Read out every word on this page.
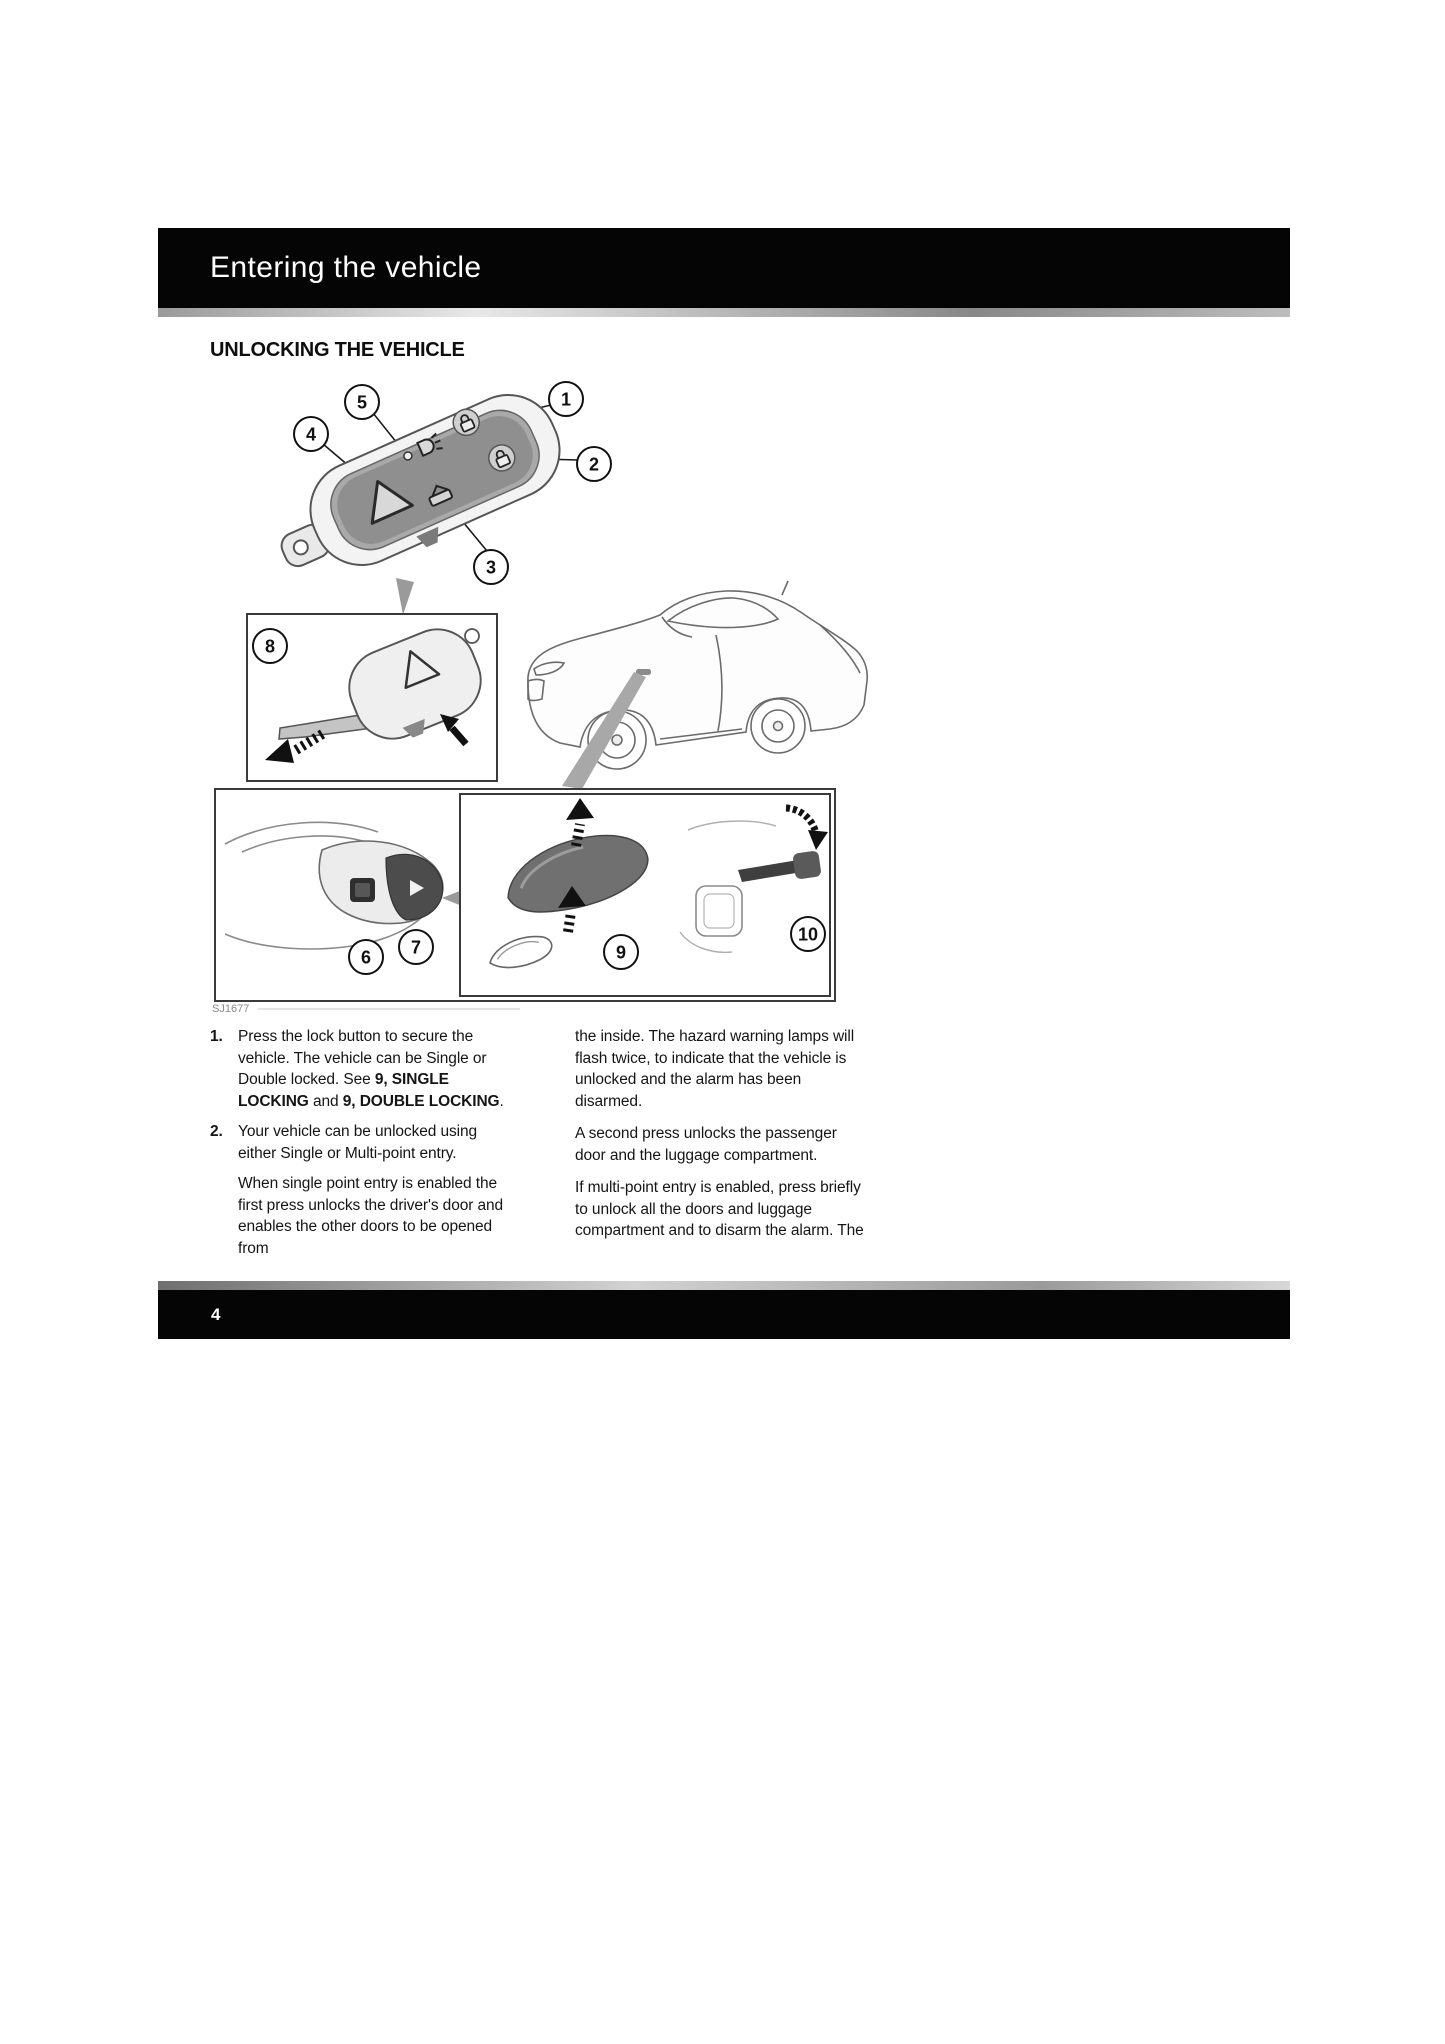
Entering the vehicle
UNLOCKING THE VEHICLE
1
2
3
4
5
6 7
8
9
10
SJ1677
1. Press the lock button to secure the vehicle. The vehicle can be Single or Double locked. See 9, SINGLE LOCKING and 9, DOUBLE LOCKING.

2. Your vehicle can be unlocked using either Single or Multi-point entry.

When single point entry is enabled the first press unlocks the driver's door and enables the other doors to be opened from

the inside. The hazard warning lamps will flash twice, to indicate that the vehicle is unlocked and the alarm has been disarmed.

A second press unlocks the passenger door and the luggage compartment.

If multi-point entry is enabled, press briefly to unlock all the doors and luggage compartment and to disarm the alarm. The

4
